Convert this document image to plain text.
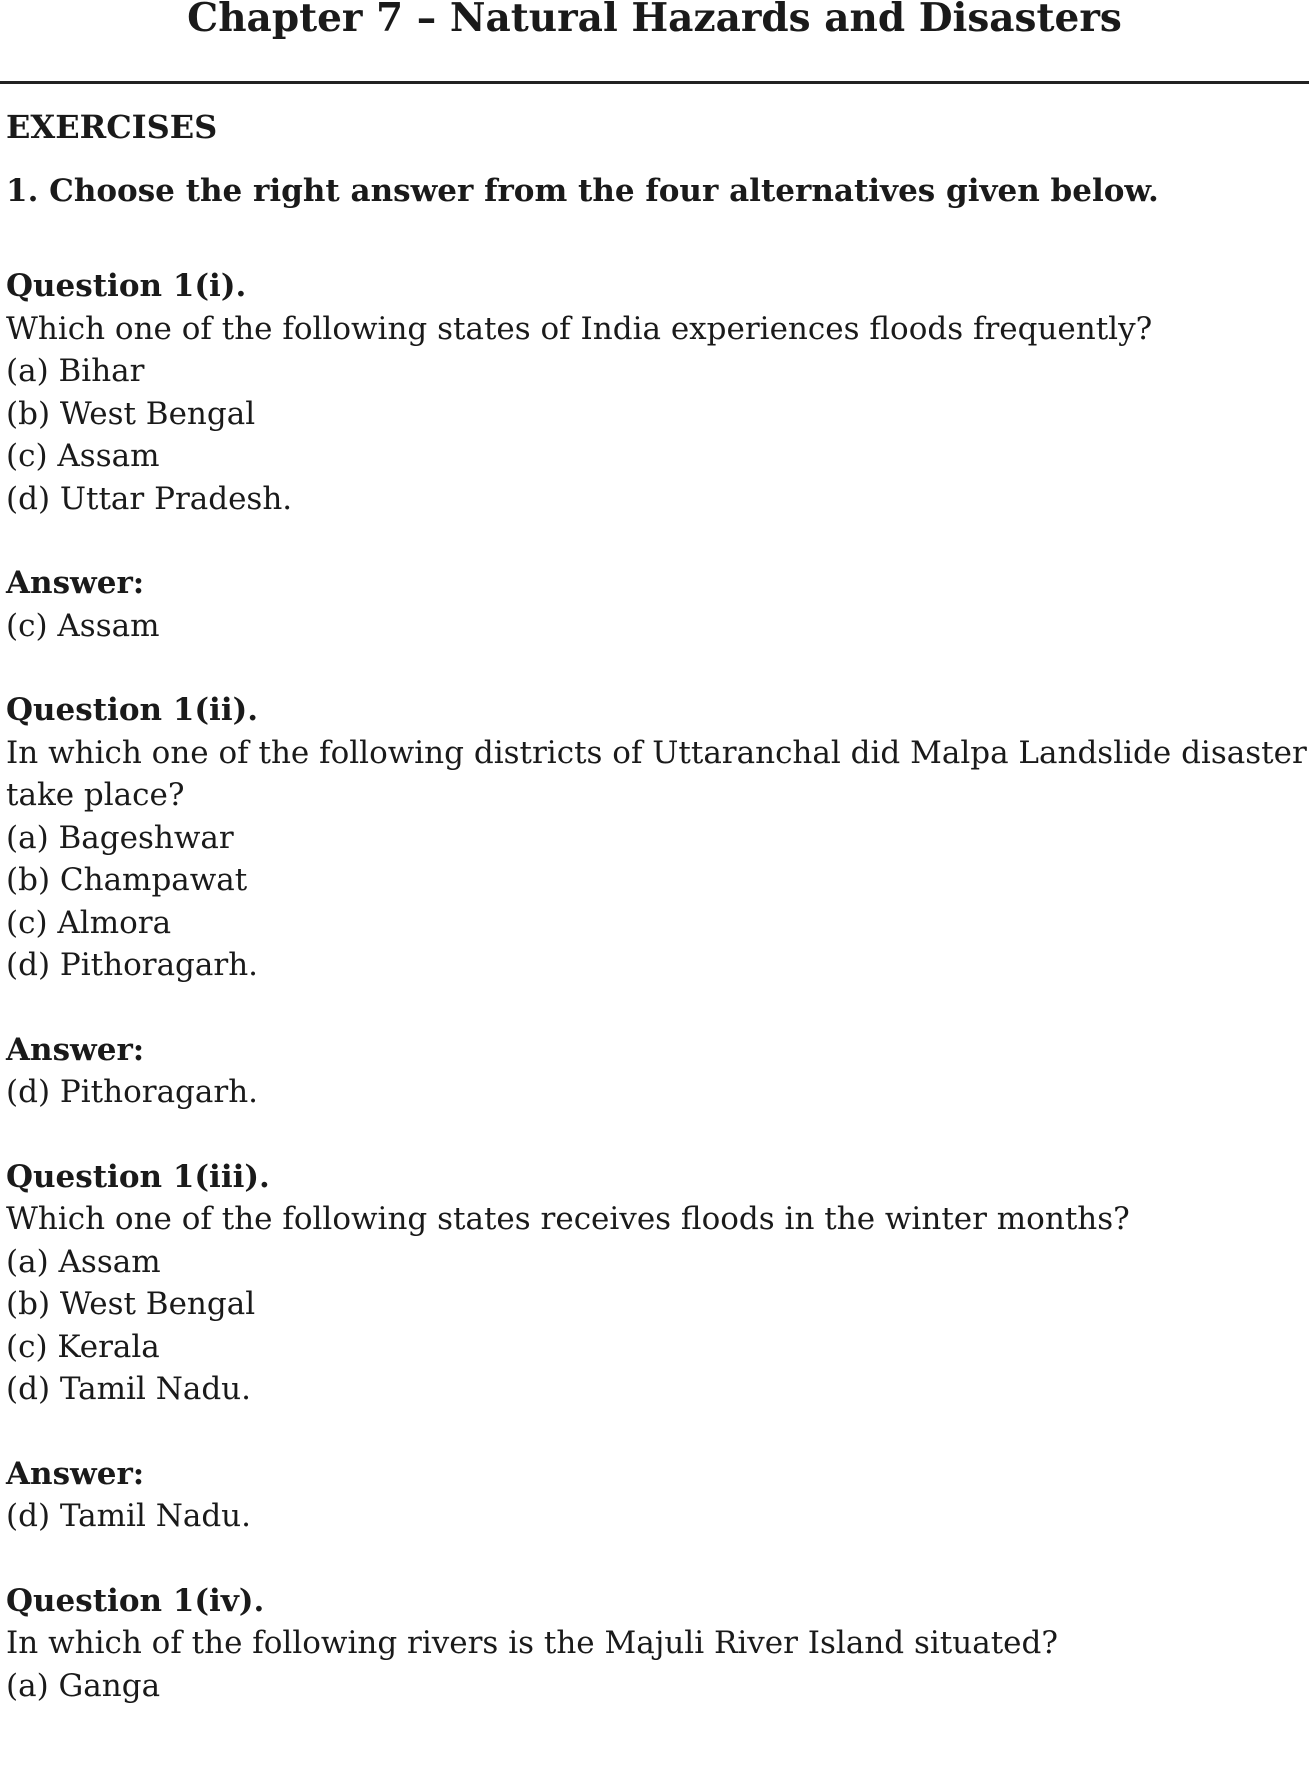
Chapter 7 – Natural Hazards and Disasters

EXERCISES

1. Choose the right answer from the four alternatives given below.

Question 1(i).

Which one of the following states of India experiences floods frequently?

(a) Bihar

(b) West Bengal

(c) Assam

(d) Uttar Pradesh.

Answer:

(c) Assam

Question 1(ii).

In which one of the following districts of Uttaranchal did Malpa Landslide disaster

take place?

(a) Bageshwar

(b) Champawat

(c) Almora

(d) Pithoragarh.

Answer:

(d) Pithoragarh.

Question 1(iii).

Which one of the following states receives floods in the winter months?

(a) Assam

(b) West Bengal

(c) Kerala

(d) Tamil Nadu.

Answer:

(d) Tamil Nadu.

Question 1(iv).

In which of the following rivers is the Majuli River Island situated?

(a) Ganga
